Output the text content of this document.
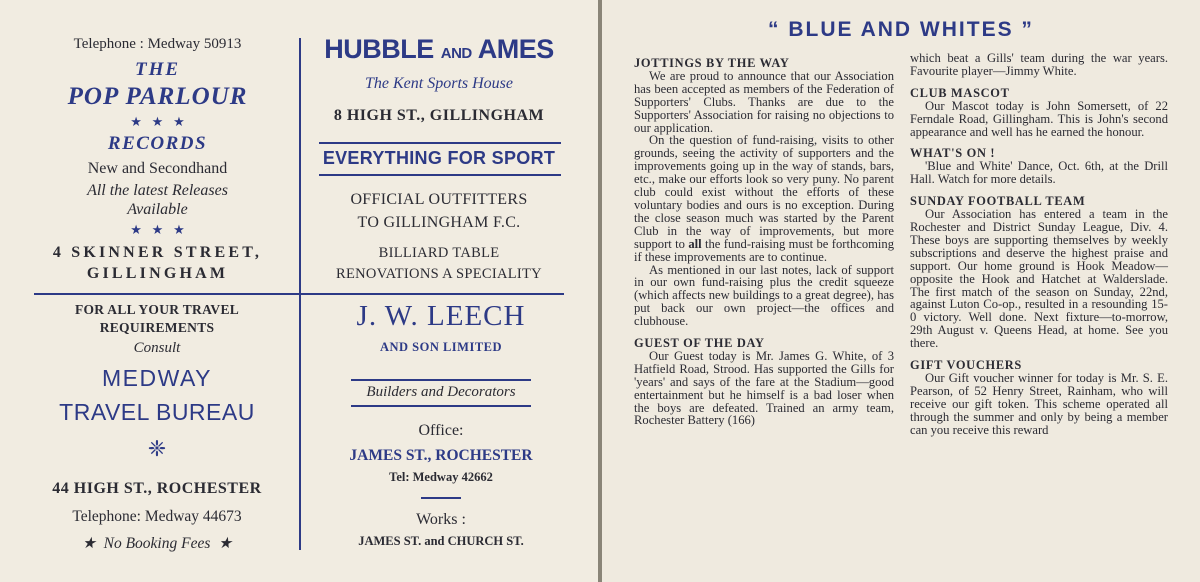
Telephone : Medway 50913
THE
POP PARLOUR
★   ★   ★
RECORDS
New and Secondhand
All the latest Releases
Available
★   ★   ★
4 SKINNER STREET,
GILLINGHAM
HUBBLE AND AMES
The Kent Sports House
8 HIGH ST., GILLINGHAM
EVERYTHING FOR SPORT
OFFICIAL OUTFITTERS
TO GILLINGHAM F.C.
BILLIARD TABLE
RENOVATIONS A SPECIALITY
FOR ALL YOUR TRAVEL
REQUIREMENTS
Consult
MEDWAY
TRAVEL BUREAU
❈
44 HIGH ST., ROCHESTER
Telephone: Medway 44673
★  No Booking Fees  ★
J. W. LEECH
AND SON LIMITED
Builders and Decorators
Office:
JAMES ST., ROCHESTER
Tel: Medway 42662
Works :
JAMES ST. and CHURCH ST.
“ BLUE AND WHITES ”
JOTTINGS BY THE WAY

We are proud to announce that our Association has been accepted as members of the Federation of Supporters' Clubs. Thanks are due to the Supporters' Association for raising no objections to our application.

On the question of fund-raising, visits to other grounds, seeing the activity of supporters and the improvements going up in the way of stands, bars, etc., make our efforts look so very puny. No parent club could exist without the efforts of these voluntary bodies and ours is no exception. During the close season much was started by the Parent Club in the way of improvements, but more support to all the fund-raising must be forthcoming if these improvements are to continue.

As mentioned in our last notes, lack of support in our own fund-raising plus the credit squeeze (which affects new buildings to a great degree), has put back our own project—the offices and clubhouse.

GUEST OF THE DAY

Our Guest today is Mr. James G. White, of 3 Hatfield Road, Strood. Has supported the Gills for 'years' and says of the fare at the Stadium—good entertainment but he himself is a bad loser when the boys are defeated. Trained an army team, Rochester Battery (166)

which beat a Gills' team during the war years. Favourite player—Jimmy White.

CLUB MASCOT

Our Mascot today is John Somersett, of 22 Ferndale Road, Gillingham. This is John's second appearance and well has he earned the honour.

WHAT'S ON !

'Blue and White' Dance, Oct. 6th, at the Drill Hall. Watch for more details.

SUNDAY FOOTBALL TEAM

Our Association has entered a team in the Rochester and District Sunday League, Div. 4. These boys are supporting themselves by weekly subscriptions and deserve the highest praise and support. Our home ground is Hook Meadow—opposite the Hook and Hatchet at Walderslade. The first match of the season on Sunday, 22nd, against Luton Co-op., resulted in a resounding 15-0 victory. Well done. Next fixture—to-morrow, 29th August v. Queens Head, at home. See you there.

GIFT VOUCHERS

Our Gift voucher winner for today is Mr. S. E. Pearson, of 52 Henry Street, Rainham, who will receive our gift token. This scheme operated all through the summer and only by being a member can you receive this reward
